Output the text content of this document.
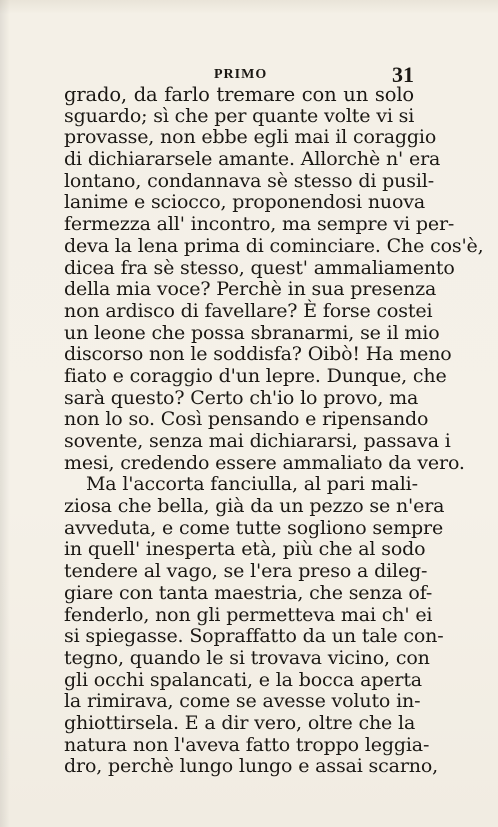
PRIMO	31
grado, da farlo tremare con un solo
sguardo; sì che per quante volte vi si
provasse, non ebbe egli mai il coraggio
di dichiararsele amante. Allorchè n' era
lontano, condannava sè stesso di pusil-
lanime e sciocco, proponendosi nuova
fermezza all' incontro, ma sempre vi per-
deva la lena prima di cominciare. Che cos'è,
dicea fra sè stesso, quest' ammaliamento
della mia voce? Perchè in sua presenza
non ardisco di favellare? È forse costei
un leone che possa sbranarmi, se il mio
discorso non le soddisfa? Oibò! Ha meno
fiato e coraggio d'un lepre. Dunque, che
sarà questo? Certo ch'io lo provo, ma
non lo so. Così pensando e ripensando
sovente, senza mai dichiararsi, passava i
mesi, credendo essere ammaliato da vero.
Ma l'accorta fanciulla, al pari mali-
ziosa che bella, già da un pezzo se n'era
avveduta, e come tutte sogliono sempre
in quell' inesperta età, più che al sodo
tendere al vago, se l'era preso a dileg-
giare con tanta maestria, che senza of-
fenderlo, non gli permetteva mai ch' ei
si spiegasse. Sopraffatto da un tale con-
tegno, quando le si trovava vicino, con
gli occhi spalancati, e la bocca aperta
la rimirava, come se avesse voluto in-
ghiottirsela. E a dir vero, oltre che la
natura non l'aveva fatto troppo leggia-
dro, perchè lungo lungo e assai scarno,
